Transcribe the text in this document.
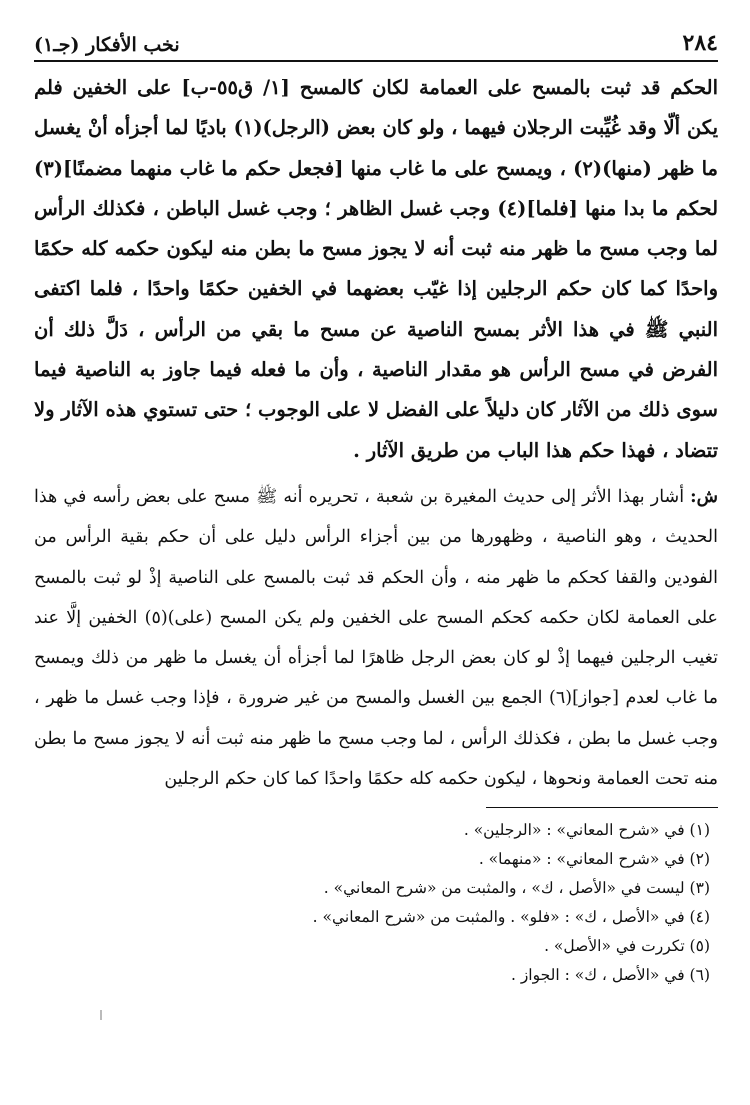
٢٨٤
نخب الأفكار (جـ١)

الحكم قد ثبت بالمسح على العمامة لكان كالمسح [١/ ق٥٥-ب] على الخفين فلم يكن ألّا وقد غُيِّبت الرجلان فيهما ، ولو كان بعض (الرجل)(١) باديًا لما أجزأه أنْ يغسل ما ظهر (منها)(٢) ، ويمسح على ما غاب منها [فجعل حكم ما غاب منهما مضمنًا](٣) لحكم ما بدا منها [فلما](٤) وجب غسل الظاهر ؛ وجب غسل الباطن ، فكذلك الرأس لما وجب مسح ما ظهر منه ثبت أنه لا يجوز مسح ما بطن منه ليكون حكمه كله حكمًا واحدًا كما كان حكم الرجلين إذا غيّب بعضهما في الخفين حكمًا واحدًا ، فلما اكتفى النبي ﷺ في هذا الأثر بمسح الناصية عن مسح ما بقي من الرأس ، دَلَّ ذلك أن الفرض في مسح الرأس هو مقدار الناصية ، وأن ما فعله فيما جاوز به الناصية فيما سوى ذلك من الآثار كان دليلاً على الفضل لا على الوجوب ؛ حتى تستوي هذه الآثار ولا تتضاد ، فهذا حكم هذا الباب من طريق الآثار .

ش: أشار بهذا الأثر إلى حديث المغيرة بن شعبة ، تحريره أنه ﷺ مسح على بعض رأسه في هذا الحديث ، وهو الناصية ، وظهورها من بين أجزاء الرأس دليل على أن حكم بقية الرأس من الفودين والقفا كحكم ما ظهر منه ، وأن الحكم قد ثبت بالمسح على الناصية إذْ لو ثبت بالمسح على العمامة لكان حكمه كحكم المسح على الخفين ولم يكن المسح (على)(٥) الخفين إلَّا عند تغيب الرجلين فيهما إذْ لو كان بعض الرجل ظاهرًا لما أجزأه أن يغسل ما ظهر من ذلك ويمسح ما غاب لعدم [جواز](٦) الجمع بين الغسل والمسح من غير ضرورة ، فإذا وجب غسل ما ظهر ، وجب غسل ما بطن ، فكذلك الرأس ، لما وجب مسح ما ظهر منه ثبت أنه لا يجوز مسح ما بطن منه تحت العمامة ونحوها ، ليكون حكمه كله حكمًا واحدًا كما كان حكم الرجلين

(١) في «شرح المعاني» : «الرجلين» .
(٢) في «شرح المعاني» : «منهما» .
(٣) ليست في «الأصل ، ك» ، والمثبت من «شرح المعاني» .
(٤) في «الأصل ، ك» : «فلو» . والمثبت من «شرح المعاني» .
(٥) تكررت في «الأصل» .
(٦) في «الأصل ، ك» : الجواز .
